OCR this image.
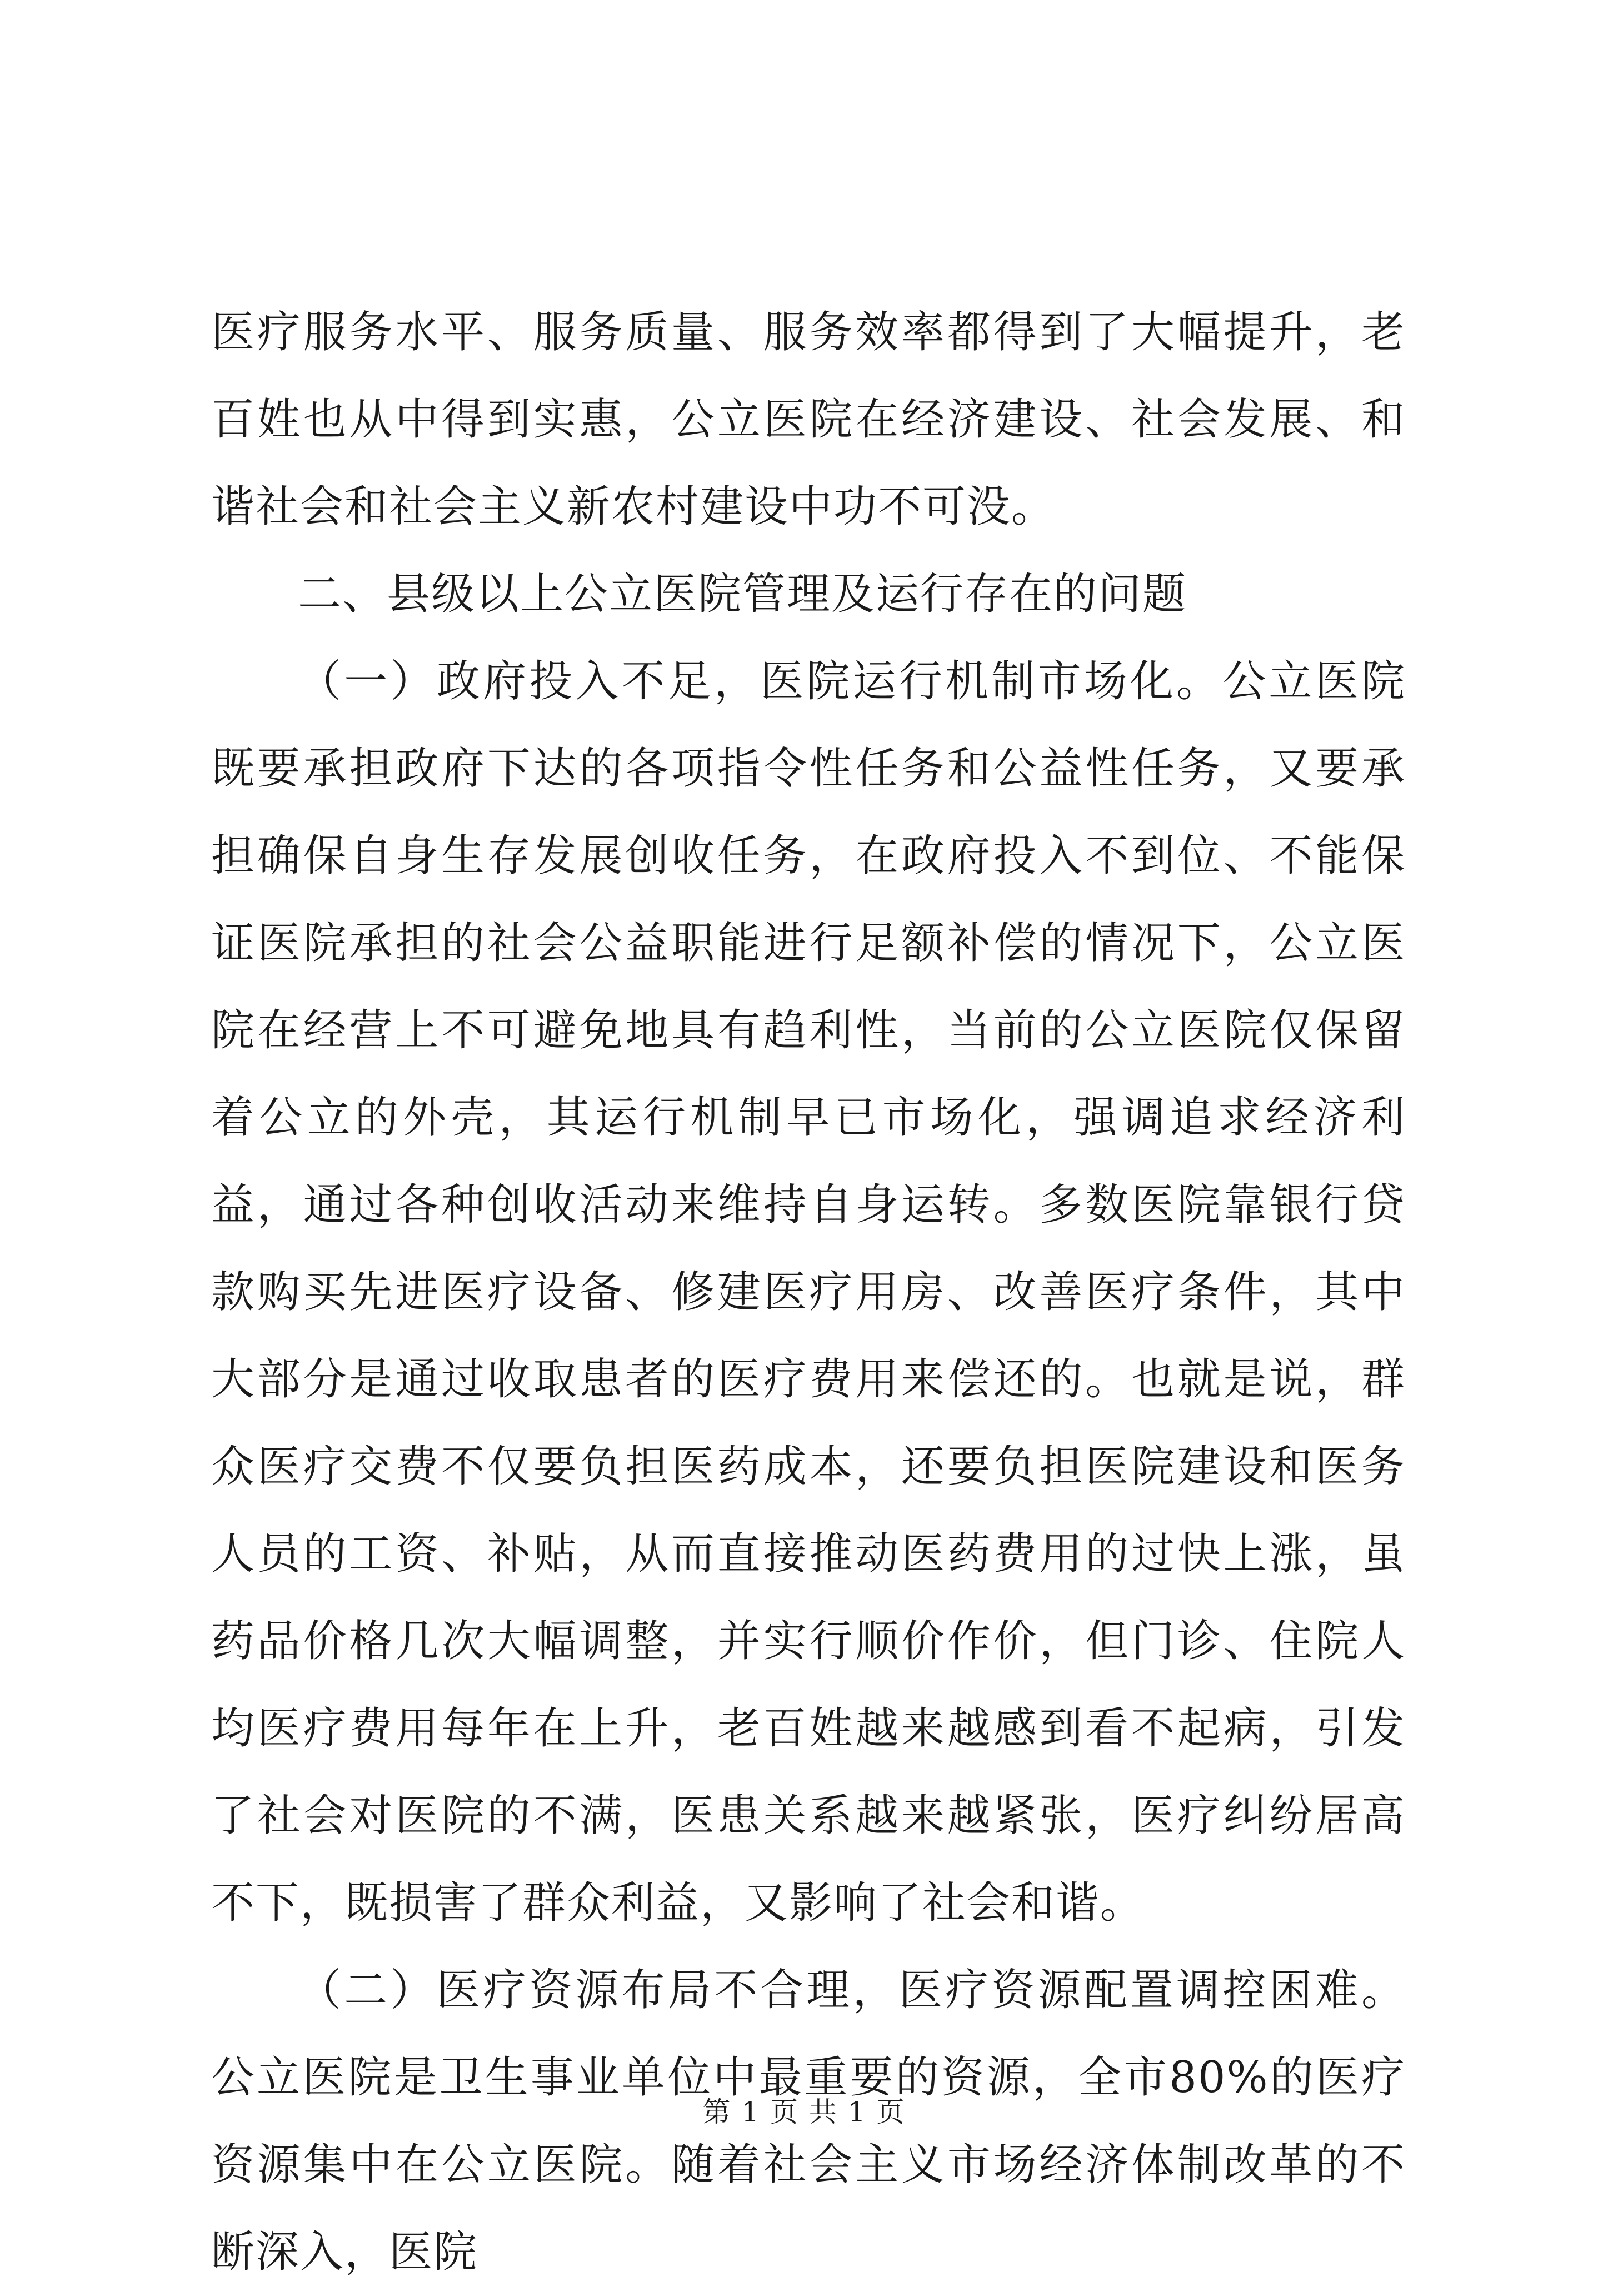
医疗服务水平、服务质量、服务效率都得到了大幅提升，老百姓也从中得到实惠，公立医院在经济建设、社会发展、和谐社会和社会主义新农村建设中功不可没。

二、县级以上公立医院管理及运行存在的问题

（一）政府投入不足，医院运行机制市场化。公立医院既要承担政府下达的各项指令性任务和公益性任务，又要承担确保自身生存发展创收任务，在政府投入不到位、不能保证医院承担的社会公益职能进行足额补偿的情况下，公立医院在经营上不可避免地具有趋利性，当前的公立医院仅保留着公立的外壳，其运行机制早已市场化，强调追求经济利益，通过各种创收活动来维持自身运转。多数医院靠银行贷款购买先进医疗设备、修建医疗用房、改善医疗条件，其中大部分是通过收取患者的医疗费用来偿还的。也就是说，群众医疗交费不仅要负担医药成本，还要负担医院建设和医务人员的工资、补贴，从而直接推动医药费用的过快上涨，虽药品价格几次大幅调整，并实行顺价作价，但门诊、住院人均医疗费用每年在上升，老百姓越来越感到看不起病，引发了社会对医院的不满，医患关系越来越紧张，医疗纠纷居高不下，既损害了群众利益，又影响了社会和谐。

（二）医疗资源布局不合理，医疗资源配置调控困难。公立医院是卫生事业单位中最重要的资源，全市80%的医疗资源集中在公立医院。随着社会主义市场经济体制改革的不断深入，医院

第 1 页 共 1 页
